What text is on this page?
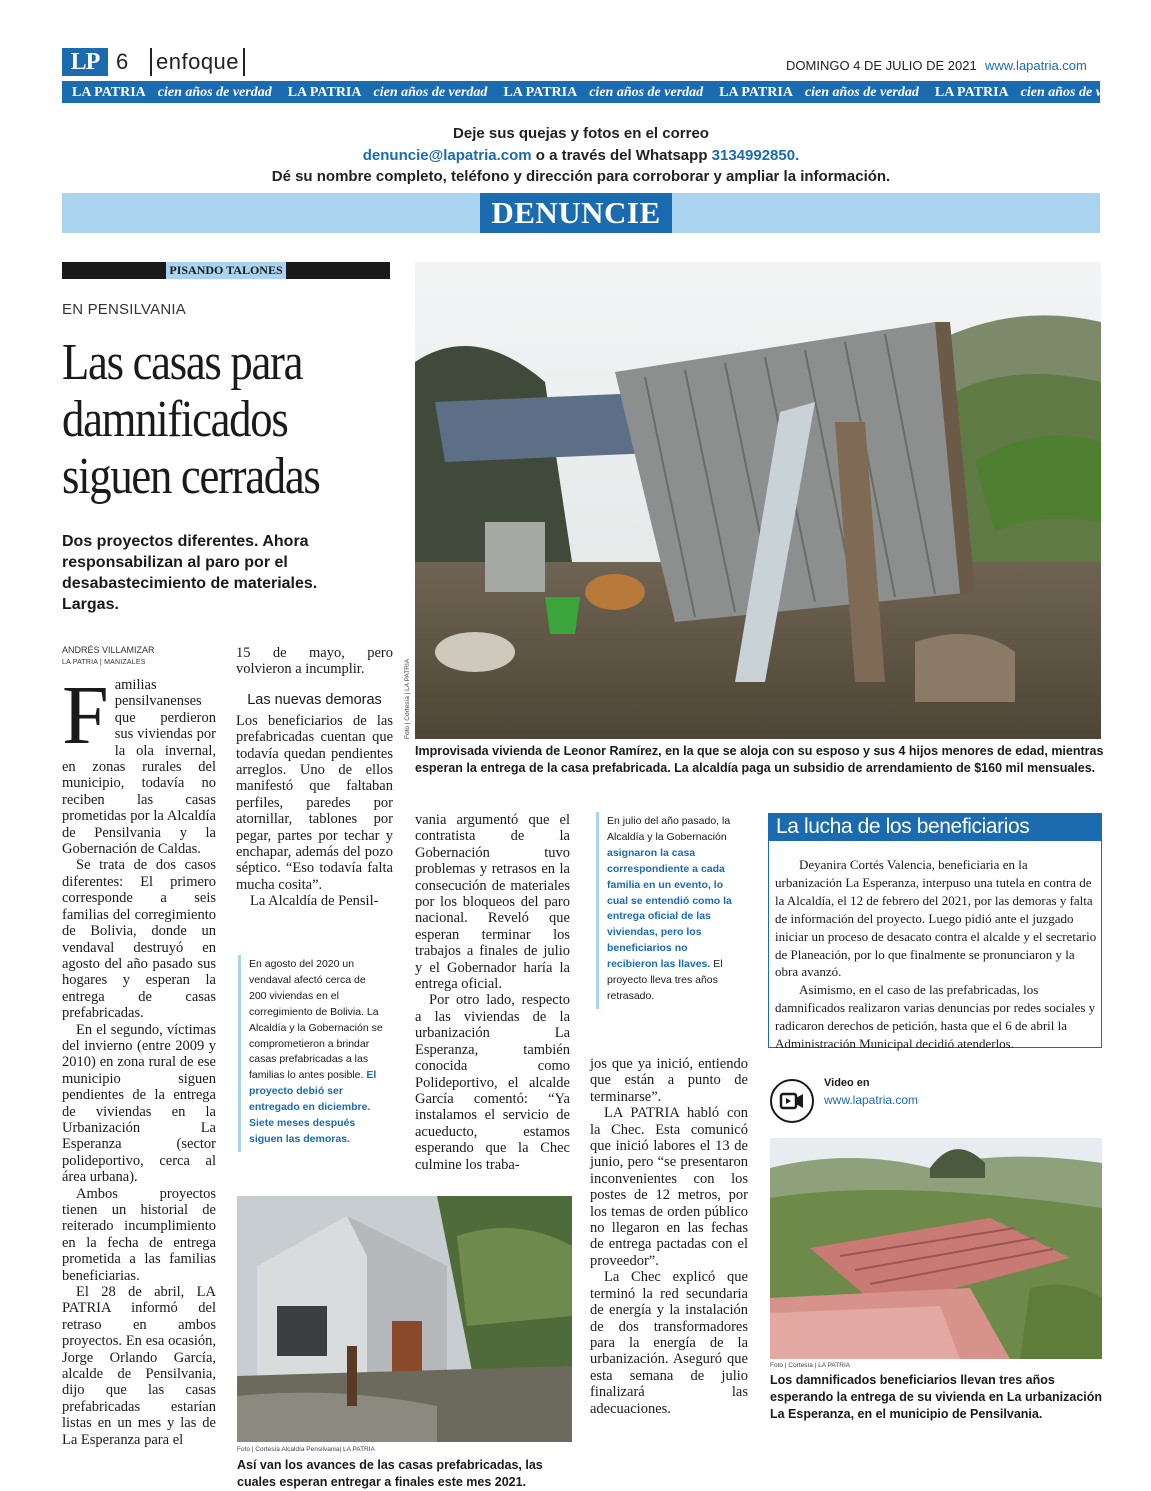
LP 6 enfoque	DOMINGO 4 DE JULIO DE 2021 www.lapatria.com
LA PATRIA cien años de verdad LA PATRIA cien años de verdad LA PATRIA cien años de verdad LA PATRIA cien años de verdad LA PATRIA cien años de verdad
Deje sus quejas y fotos en el correo
denuncie@lapatria.com o a través del Whatsapp 3134992850.
Dé su nombre completo, teléfono y dirección para corroborar y ampliar la información.
DENUNCIE
PISANDO TALONES
EN PENSILVANIA
Las casas para damnificados siguen cerradas
Dos proyectos diferentes. Ahora responsabilizan al paro por el desabastecimiento de materiales. Largas.
ANDRÉS VILLAMIZAR
LA PATRIA | MANIZALES	Foto | Cortesía | LA PATRIA
Improvisada vivienda de Leonor Ramírez, en la que se aloja con su esposo y sus 4 hijos menores de edad, mientras esperan la entrega de la casa prefabricada. La alcaldía paga un subsidio de arrendamiento de $160 mil mensuales.

Familias pensilvanenses que perdieron sus viviendas por la ola invernal, en zonas rurales del municipio, todavía no reciben las casas prometidas por la Alcaldía de Pensilvania y la Gobernación de Caldas.

Se trata de dos casos diferentes: El primero corresponde a seis familias del corregimiento de Bolivia, donde un vendaval destruyó en agosto del año pasado sus hogares y esperan la entrega de casas prefabricadas.

En el segundo, víctimas del invierno (entre 2009 y 2010) en zona rural de ese municipio siguen pendientes de la entrega de viviendas en la Urbanización La Esperanza (sector polideportivo, cerca al área urbana).

Ambos proyectos tienen un historial de reiterado incumplimiento en la fecha de entrega prometida a las familias beneficiarias.

El 28 de abril, LA PATRIA informó del retraso en ambos proyectos. En esa ocasión, Jorge Orlando García, alcalde de Pensilvania, dijo que las casas prefabricadas estarían listas en un mes y las de La Esperanza para el

15 de mayo, pero volvieron a incumplir.

Las nuevas demoras

Los beneficiarios de las prefabricadas cuentan que todavía quedan pendientes arreglos. Uno de ellos manifestó que faltaban perfiles, paredes por atornillar, tablones por pegar, partes por techar y enchapar, además del pozo séptico. “Eso todavía falta mucha cosita”.

La Alcaldía de Pensil-

En agosto del 2020 un vendaval afectó cerca de 200 viviendas en el corregimiento de Bolivia. La Alcaldía y la Gobernación se comprometieron a brindar casas prefabricadas a las familias lo antes posible. El proyecto debió ser entregado en diciembre. Siete meses después siguen las demoras.

vania argumentó que el contratista de la Gobernación tuvo problemas y retrasos en la consecución de materiales por los bloqueos del paro nacional. Reveló que esperan terminar los trabajos a finales de julio y el Gobernador haría la entrega oficial.

Por otro lado, respecto a las viviendas de la urbanización La Esperanza, también conocida como Polideportivo, el alcalde García comentó: “Ya instalamos el servicio de acueducto, estamos esperando que la Chec culmine los traba-

En julio del año pasado, la Alcaldía y la Gobernación asignaron la casa correspondiente a cada familia en un evento, lo cual se entendió como la entrega oficial de las viviendas, pero los beneficiarios no recibieron las llaves. El proyecto lleva tres años retrasado.

jos que ya inició, entiendo que están a punto de terminarse”.

LA PATRIA habló con la Chec. Esta comunicó que inició labores el 13 de junio, pero “se presentaron inconvenientes con los postes de 12 metros, por los temas de orden público no llegaron en las fechas de entrega pactadas con el proveedor”.

La Chec explicó que terminó la red secundaria de energía y la instalación de dos transformadores para la energía de la urbanización. Aseguró que esta semana de julio finalizará las adecuaciones.

Foto | Cortesía Alcaldía Pensilvania| LA PATRIA
Así van los avances de las casas prefabricadas, las cuales esperan entregar a finales este mes 2021.
La lucha de los beneficiarios

Deyanira Cortés Valencia, beneficiaria en la urbanización La Esperanza, interpuso una tutela en contra de la Alcaldía, el 12 de febrero del 2021, por las demoras y falta de información del proyecto. Luego pidió ante el juzgado iniciar un proceso de desacato contra el alcalde y el secretario de Planeación, por lo que finalmente se pronunciaron y la obra avanzó.

Asimismo, en el caso de las prefabricadas, los damnificados realizaron varias denuncias por redes sociales y radicaron derechos de petición, hasta que el 6 de abril la Administración Municipal decidió atenderlos.

Video en
www.lapatria.com
Foto | Cortesía | LA PATRIA
Los damnificados beneficiarios llevan tres años esperando la entrega de su vivienda en La urbanización La Esperanza, en el municipio de Pensilvania.
